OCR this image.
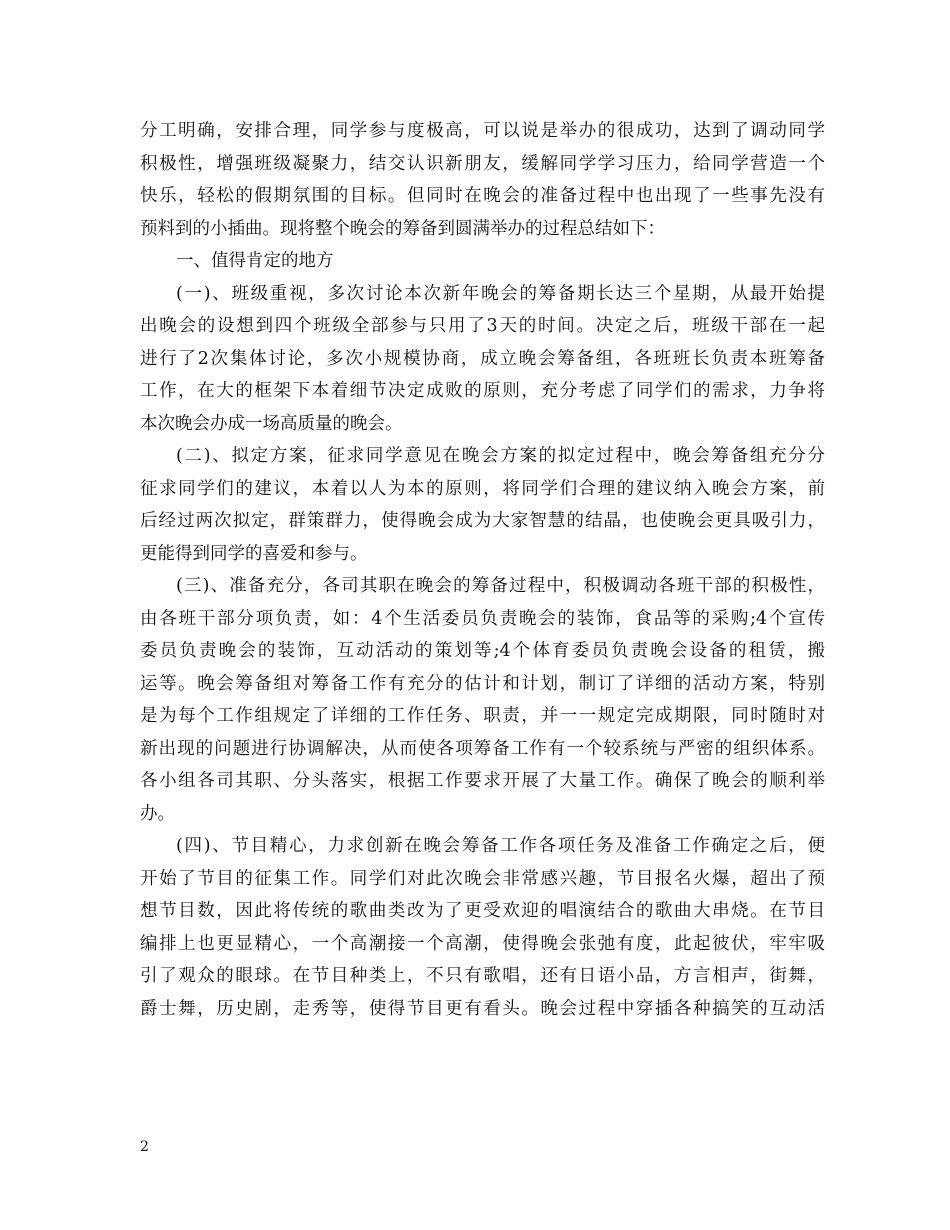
分工明确，安排合理，同学参与度极高，可以说是举办的很成功，达到了调动同学
积极性，增强班级凝聚力，结交认识新朋友，缓解同学学习压力，给同学营造一个
快乐，轻松的假期氛围的目标。但同时在晚会的准备过程中也出现了一些事先没有
预料到的小插曲。现将整个晚会的筹备到圆满举办的过程总结如下：
一、值得肯定的地方
(一)、班级重视，多次讨论本次新年晚会的筹备期长达三个星期，从最开始提
出晚会的设想到四个班级全部参与只用了3天的时间。决定之后，班级干部在一起
进行了2次集体讨论，多次小规模协商，成立晚会筹备组，各班班长负责本班筹备
工作，在大的框架下本着细节决定成败的原则，充分考虑了同学们的需求，力争将
本次晚会办成一场高质量的晚会。
(二)、拟定方案，征求同学意见在晚会方案的拟定过程中，晚会筹备组充分分
征求同学们的建议，本着以人为本的原则，将同学们合理的建议纳入晚会方案，前
后经过两次拟定，群策群力，使得晚会成为大家智慧的结晶，也使晚会更具吸引力，
更能得到同学的喜爱和参与。
(三)、准备充分，各司其职在晚会的筹备过程中，积极调动各班干部的积极性，
由各班干部分项负责，如：4个生活委员负责晚会的装饰，食品等的采购;4个宣传
委员负责晚会的装饰，互动活动的策划等;4个体育委员负责晚会设备的租赁，搬
运等。晚会筹备组对筹备工作有充分的估计和计划，制订了详细的活动方案，特别
是为每个工作组规定了详细的工作任务、职责，并一一规定完成期限，同时随时对
新出现的问题进行协调解决，从而使各项筹备工作有一个较系统与严密的组织体系。
各小组各司其职、分头落实，根据工作要求开展了大量工作。确保了晚会的顺利举
办。
(四)、节目精心，力求创新在晚会筹备工作各项任务及准备工作确定之后，便
开始了节目的征集工作。同学们对此次晚会非常感兴趣，节目报名火爆，超出了预
想节目数，因此将传统的歌曲类改为了更受欢迎的唱演结合的歌曲大串烧。在节目
编排上也更显精心，一个高潮接一个高潮，使得晚会张弛有度，此起彼伏，牢牢吸
引了观众的眼球。在节目种类上，不只有歌唱，还有日语小品，方言相声，街舞，
爵士舞，历史剧，走秀等，使得节目更有看头。晚会过程中穿插各种搞笑的互动活
2
